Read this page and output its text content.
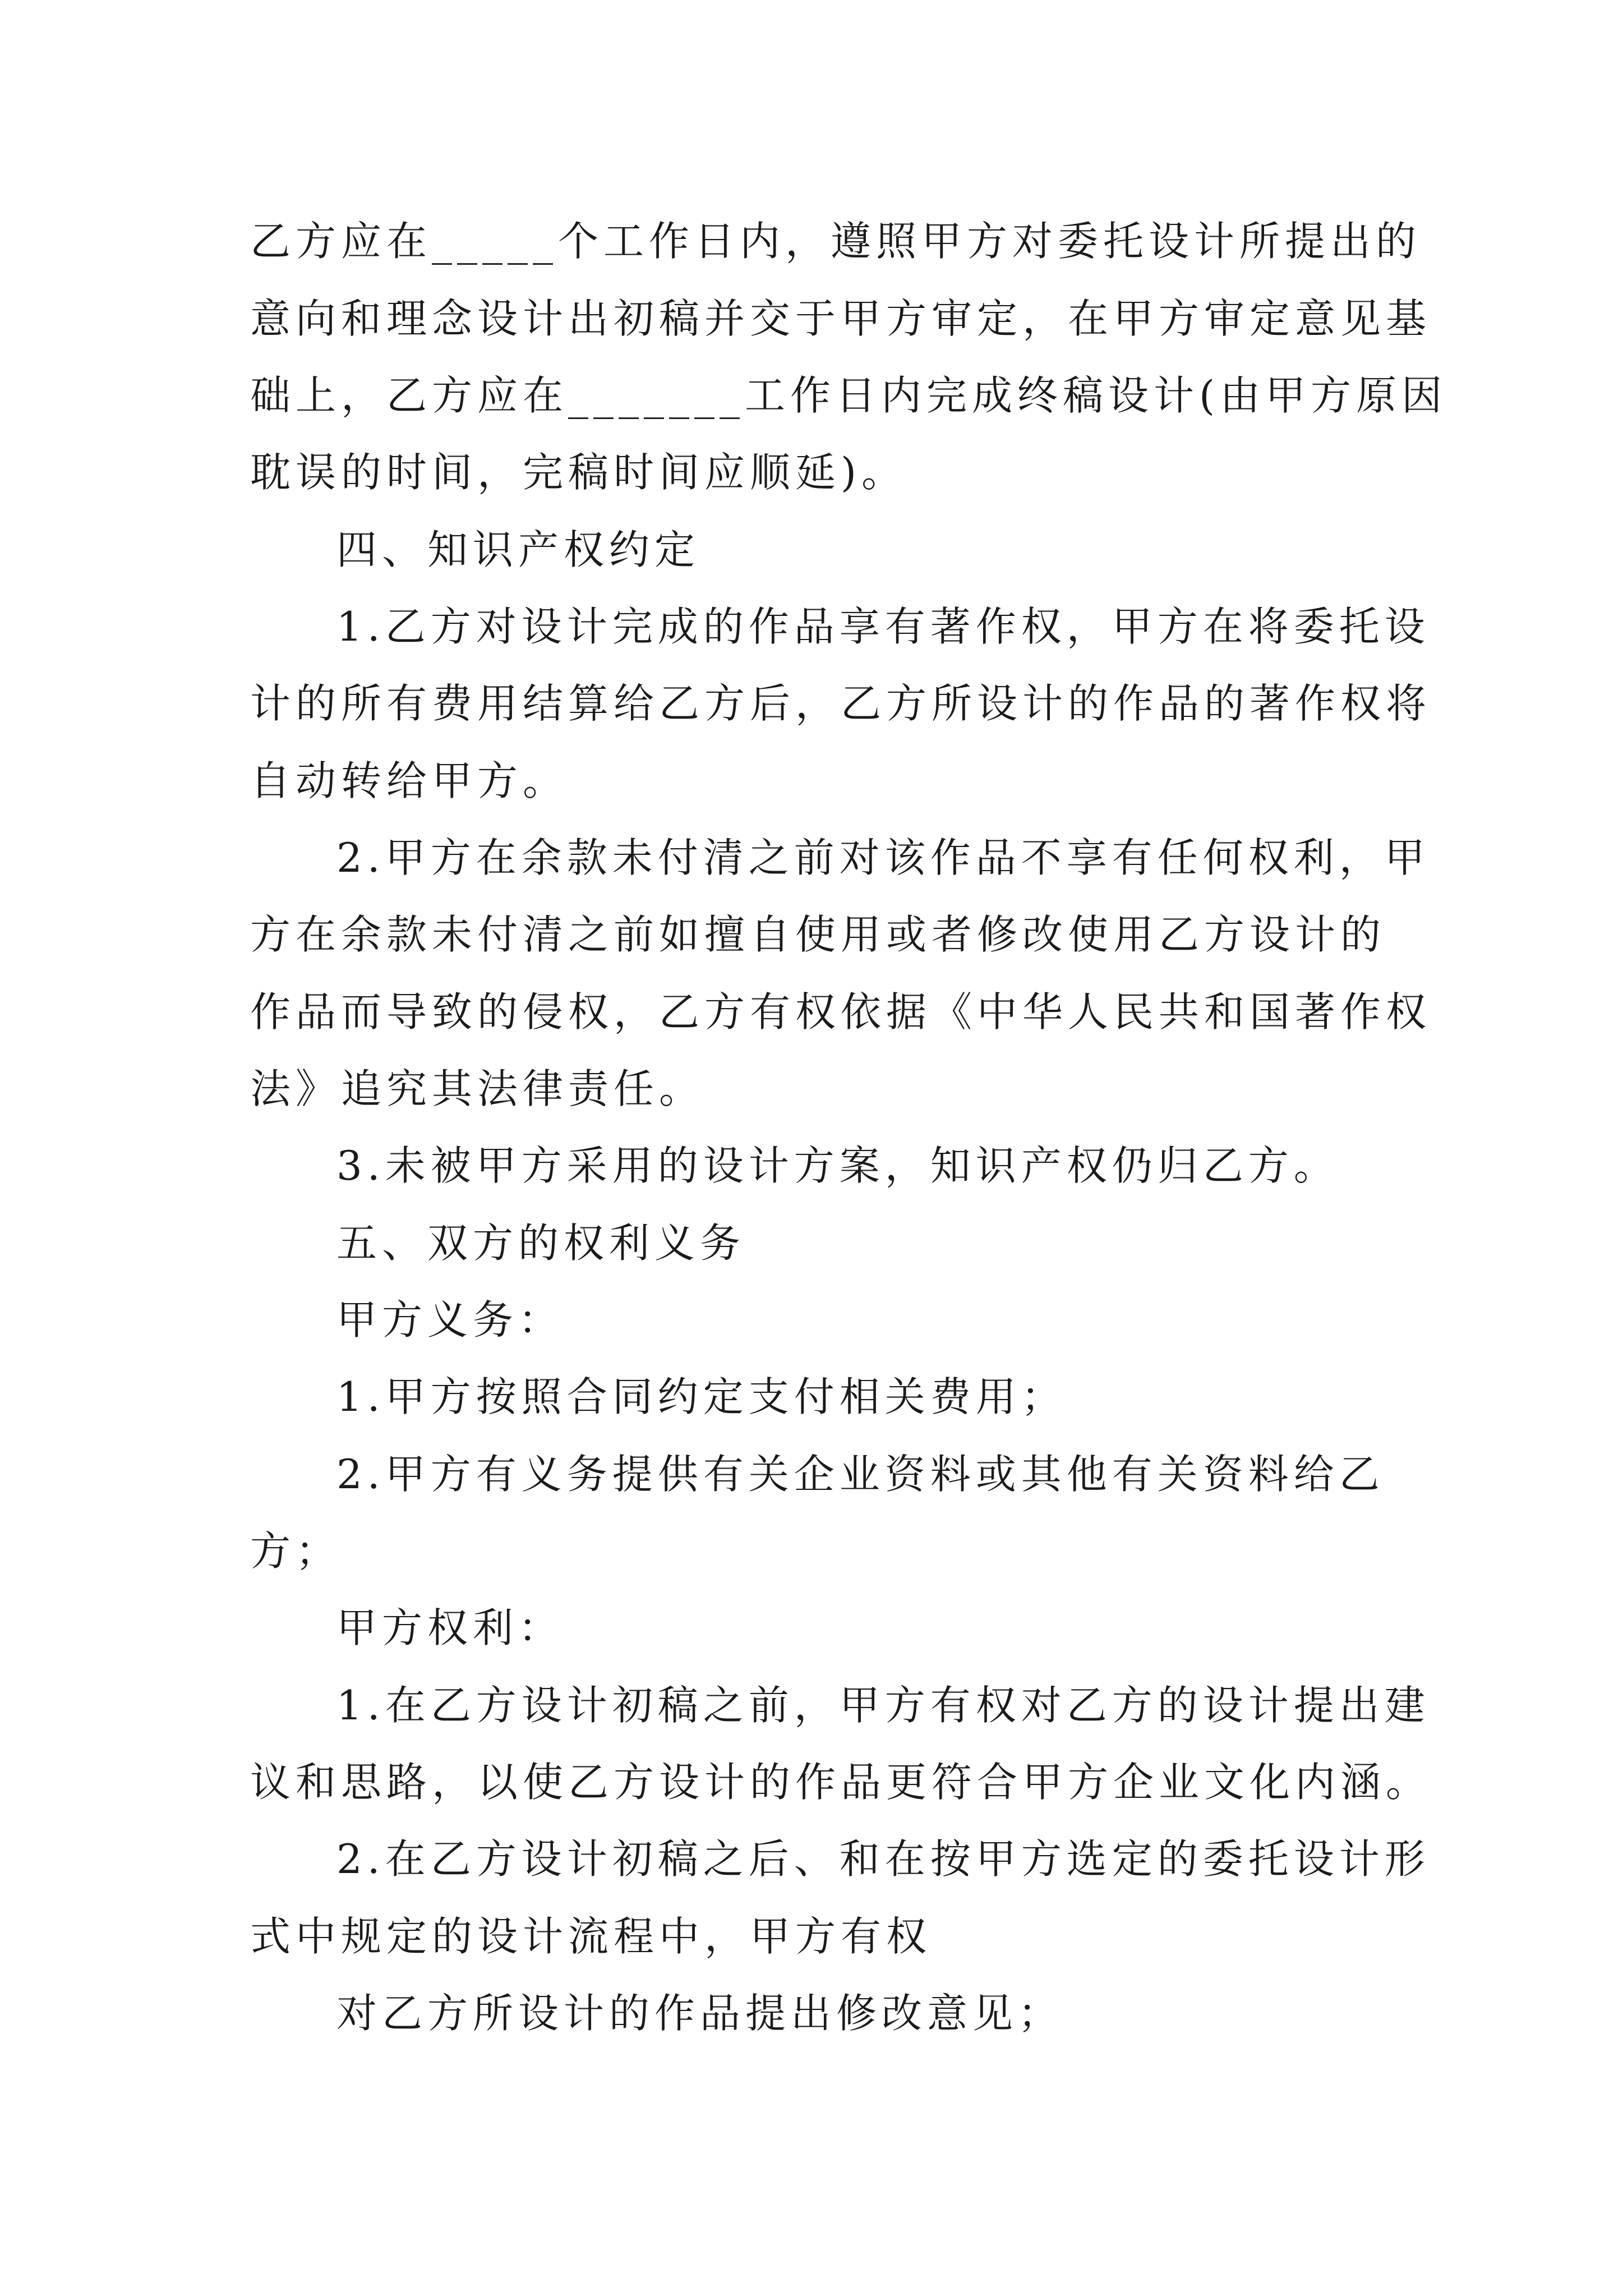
乙方应在_____个工作日内，遵照甲方对委托设计所提出的
意向和理念设计出初稿并交于甲方审定，在甲方审定意见基
础上，乙方应在_______工作日内完成终稿设计(由甲方原因
耽误的时间，完稿时间应顺延)。
四、知识产权约定
1.乙方对设计完成的作品享有著作权，甲方在将委托设
计的所有费用结算给乙方后，乙方所设计的作品的著作权将
自动转给甲方。
2.甲方在余款未付清之前对该作品不享有任何权利，甲
方在余款未付清之前如擅自使用或者修改使用乙方设计的
作品而导致的侵权，乙方有权依据《中华人民共和国著作权
法》追究其法律责任。
3.未被甲方采用的设计方案，知识产权仍归乙方。
五、双方的权利义务
甲方义务：
1.甲方按照合同约定支付相关费用；
2.甲方有义务提供有关企业资料或其他有关资料给乙
方；
甲方权利：
1.在乙方设计初稿之前，甲方有权对乙方的设计提出建
议和思路，以使乙方设计的作品更符合甲方企业文化内涵。
2.在乙方设计初稿之后、和在按甲方选定的委托设计形
式中规定的设计流程中，甲方有权
对乙方所设计的作品提出修改意见；
